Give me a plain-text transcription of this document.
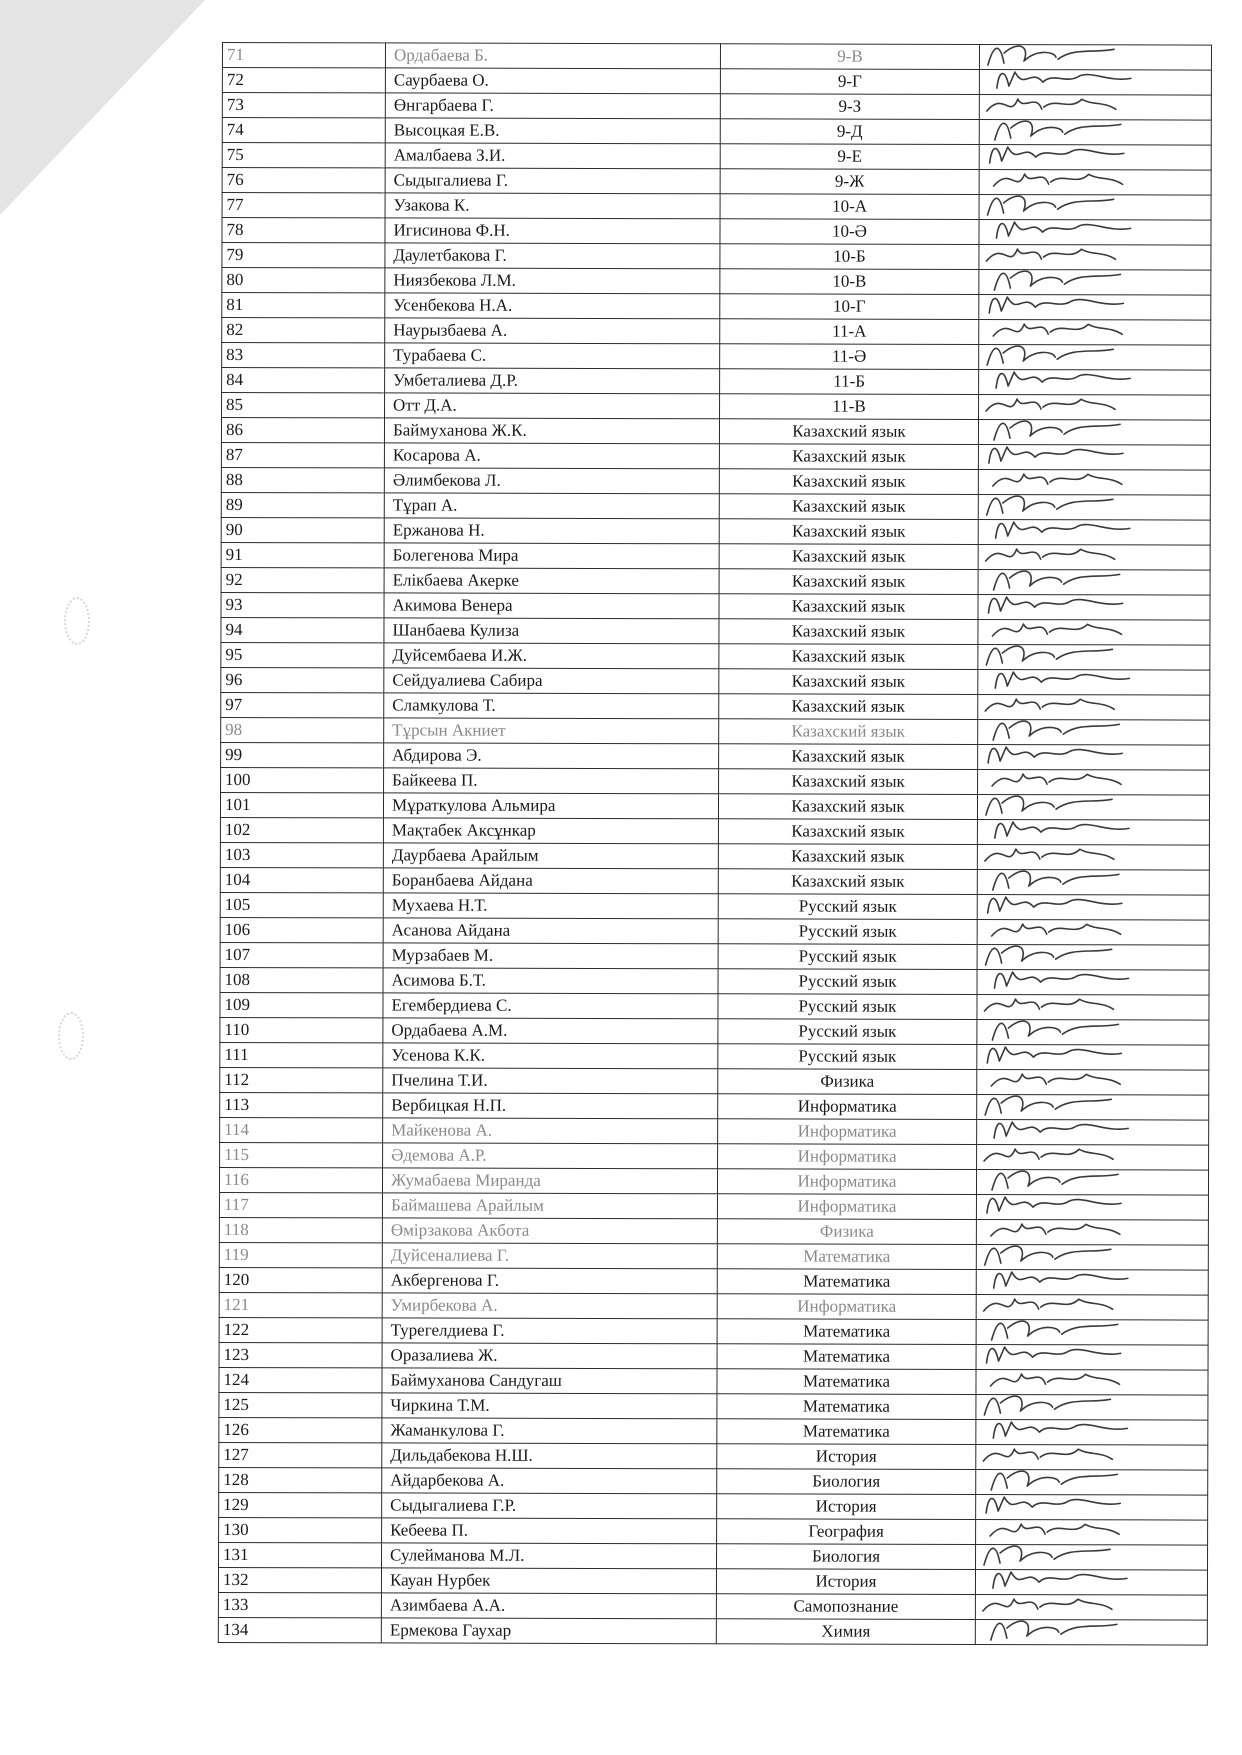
71	Ордабаева Б.	9-В	

72	Саурбаева О.	9-Г	

73	Өнгарбаева Г.	9-З	

74	Высоцкая Е.В.	9-Д	

75	Амалбаева З.И.	9-Е	

76	Сыдыгалиева Г.	9-Ж	

77	Узакова К.	10-А	

78	Игисинова Ф.Н.	10-Ә	

79	Даулетбакова Г.	10-Б	

80	Ниязбекова Л.М.	10-В	

81	Усенбекова Н.А.	10-Г	

82	Наурызбаева А.	11-А	

83	Турабаева С.	11-Ә	

84	Умбеталиева Д.Р.	11-Б	

85	Отт Д.А.	11-В	

86	Баймуханова Ж.К.	Казахский язык	

87	Косарова А.	Казахский язык	

88	Әлимбекова Л.	Казахский язык	

89	Тұрап А.	Казахский язык	

90	Ержанова Н.	Казахский язык	

91	Болегенова Мира	Казахский язык	

92	Елікбаева Акерке	Казахский язык	

93	Акимова Венера	Казахский язык	

94	Шанбаева Кулиза	Казахский язык	

95	Дуйсембаева И.Ж.	Казахский язык	

96	Сейдуалиева Сабира	Казахский язык	

97	Сламкулова Т.	Казахский язык	

98	Тұрсын Акниет	Казахский язык	

99	Абдирова Э.	Казахский язык	

100	Байкеева П.	Казахский язык	

101	Мұраткулова Альмира	Казахский язык	

102	Мақтабек Аксұнкар	Казахский язык	

103	Даурбаева Арайлым	Казахский язык	

104	Боранбаева Айдана	Казахский язык	

105	Мухаева Н.Т.	Русский язык	

106	Асанова Айдана	Русский язык	

107	Мурзабаев М.	Русский язык	

108	Асимова Б.Т.	Русский язык	

109	Егембердиева С.	Русский язык	

110	Ордабаева А.М.	Русский язык	

111	Усенова К.К.	Русский язык	

112	Пчелина Т.И.	Физика	

113	Вербицкая Н.П.	Информатика	

114	Майкенова А.	Информатика	

115	Әдемова А.Р.	Информатика	

116	Жумабаева Миранда	Информатика	

117	Баймашева Арайлым	Информатика	

118	Өмірзакова Акбота	Физика	

119	Дуйсеналиева Г.	Математика	

120	Акбергенова Г.	Математика	

121	Умирбекова А.	Информатика	

122	Турегелдиева Г.	Математика	

123	Оразалиева Ж.	Математика	

124	Баймуханова Сандугаш	Математика	

125	Чиркина Т.М.	Математика	

126	Жаманкулова Г.	Математика	

127	Дильдабекова Н.Ш.	История	

128	Айдарбекова А.	Биология	

129	Сыдыгалиева Г.Р.	История	

130	Кебеева П.	География	

131	Сулейманова М.Л.	Биология	

132	Кауан Нурбек	История	

133	Азимбаева А.А.	Самопознание	

134	Ермекова Гаухар	Химия	
